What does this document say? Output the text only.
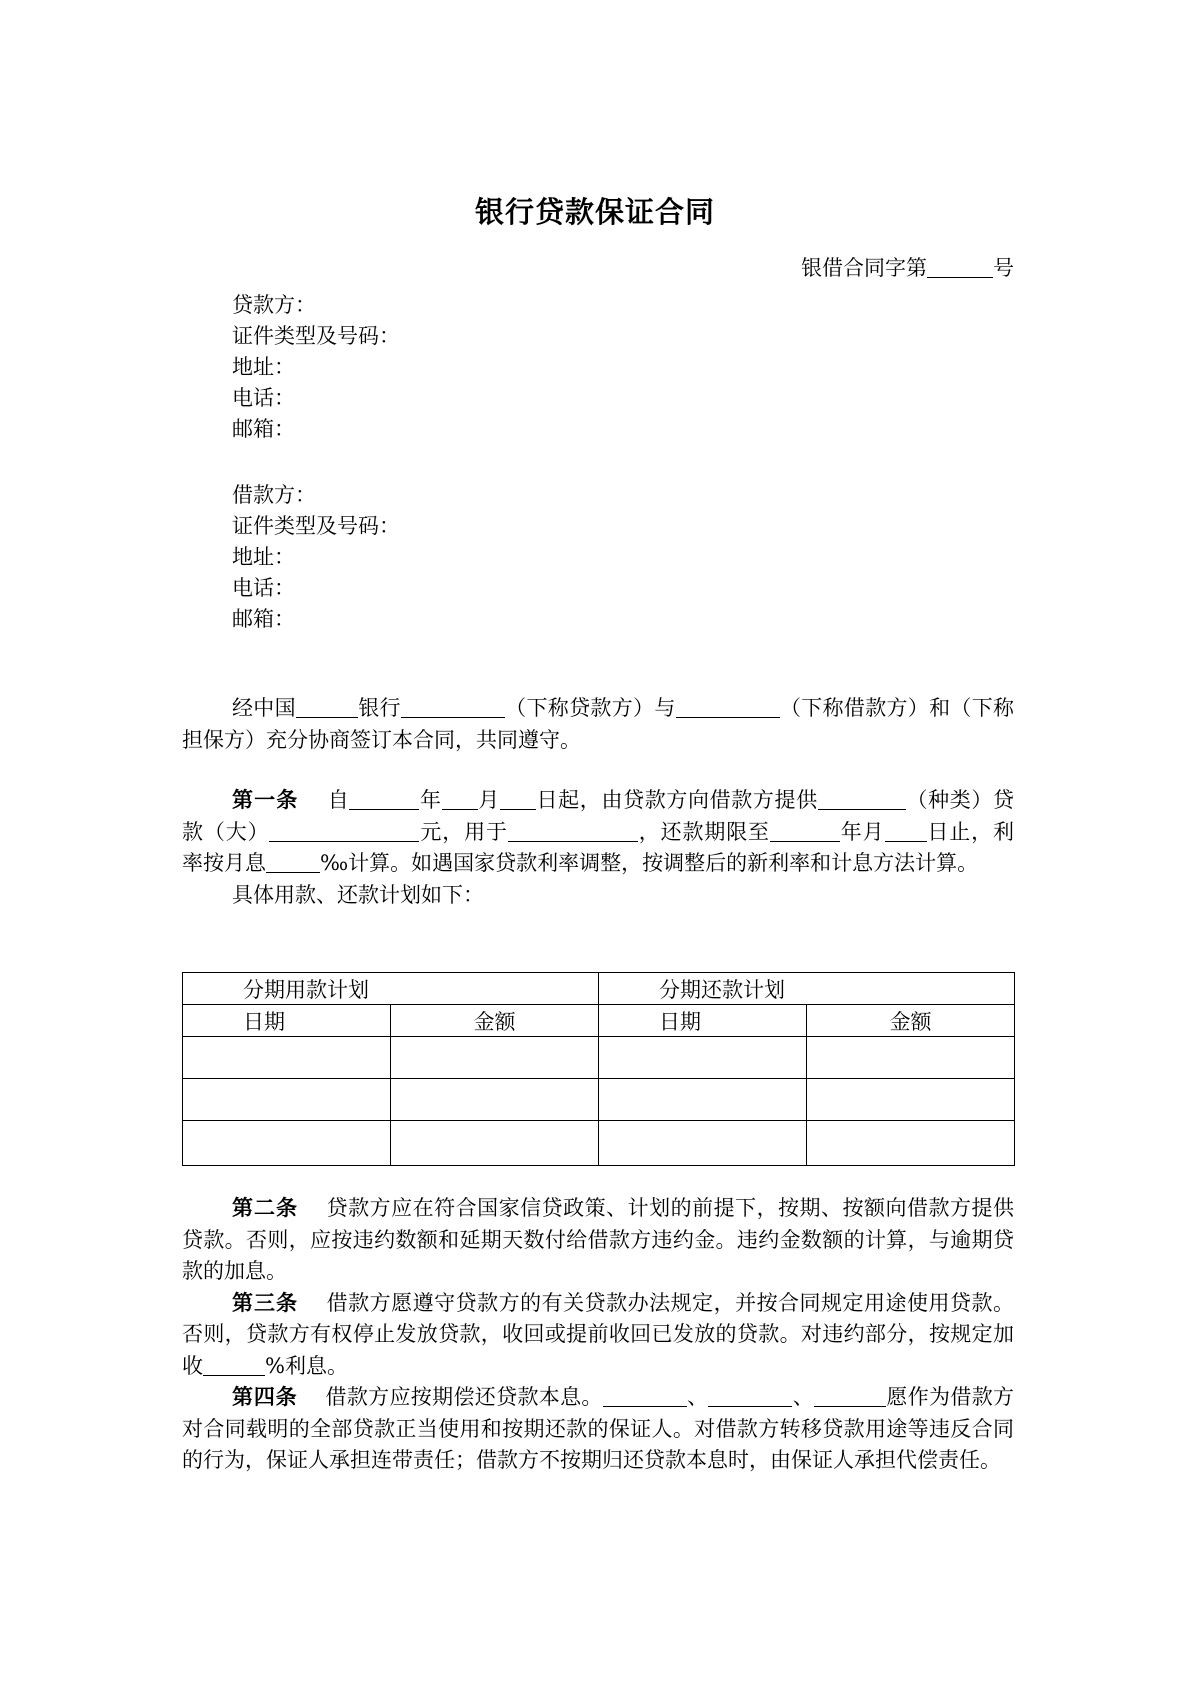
银行贷款保证合同
银借合同字第	号
贷款方：
证件类型及号码：
地址：
电话：
邮箱：
借款方：
证件类型及号码：
地址：
电话：
邮箱：

经中国	银行	（下称贷款方）与	（下称借款方）和（下称担保方）充分协商签订本合同，共同遵守。

第一条 自	年 月 日起，由贷款方向借款方提供	（种类）贷款（大）	元，用于	，还款期限至	年月 日止，利率按月息	‰计算。如遇国家贷款利率调整，按调整后的新利率和计息方法计算。

具体用款、还款计划如下：

分期用款计划		分期还款计划	
日期	金额	日期	金额

第二条 贷款方应在符合国家信贷政策、计划的前提下，按期、按额向借款方提供贷款。否则，应按违约数额和延期天数付给借款方违约金。违约金数额的计算，与逾期贷款的加息。

第三条 借款方愿遵守贷款方的有关贷款办法规定，并按合同规定用途使用贷款。否则，贷款方有权停止发放贷款，收回或提前收回已发放的贷款。对违约部分，按规定加收	%利息。

第四条 借款方应按期偿还贷款本息。	、	、	愿作为借款方对合同载明的全部贷款正当使用和按期还款的保证人。对借款方转移贷款用途等违反合同的行为，保证人承担连带责任；借款方不按期归还贷款本息时，由保证人承担代偿责任。
